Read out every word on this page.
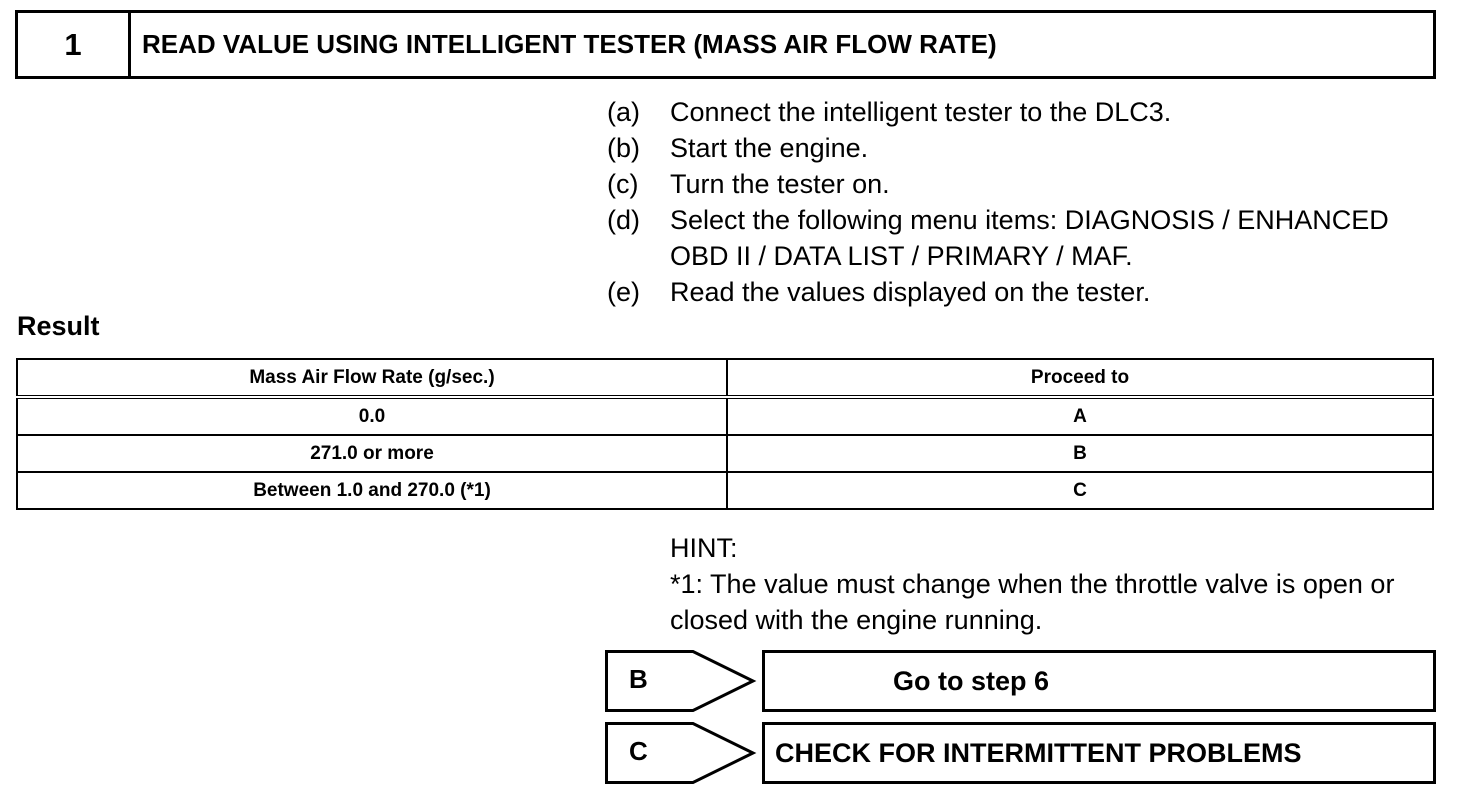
1	READ VALUE USING INTELLIGENT TESTER (MASS AIR FLOW RATE)
(a)	Connect the intelligent tester to the DLC3.
(b)	Start the engine.
(c)	Turn the tester on.
(d)	Select the following menu items: DIAGNOSIS / ENHANCED OBD II / DATA LIST / PRIMARY / MAF.
(e)	Read the values displayed on the tester.
Result
Mass Air Flow Rate (g/sec.)	Proceed to
0.0	A
271.0 or more	B
Between 1.0 and 270.0 (*1)	C
HINT:
*1: The value must change when the throttle valve is open or closed with the engine running.
B	Go to step 6
C	CHECK FOR INTERMITTENT PROBLEMS
